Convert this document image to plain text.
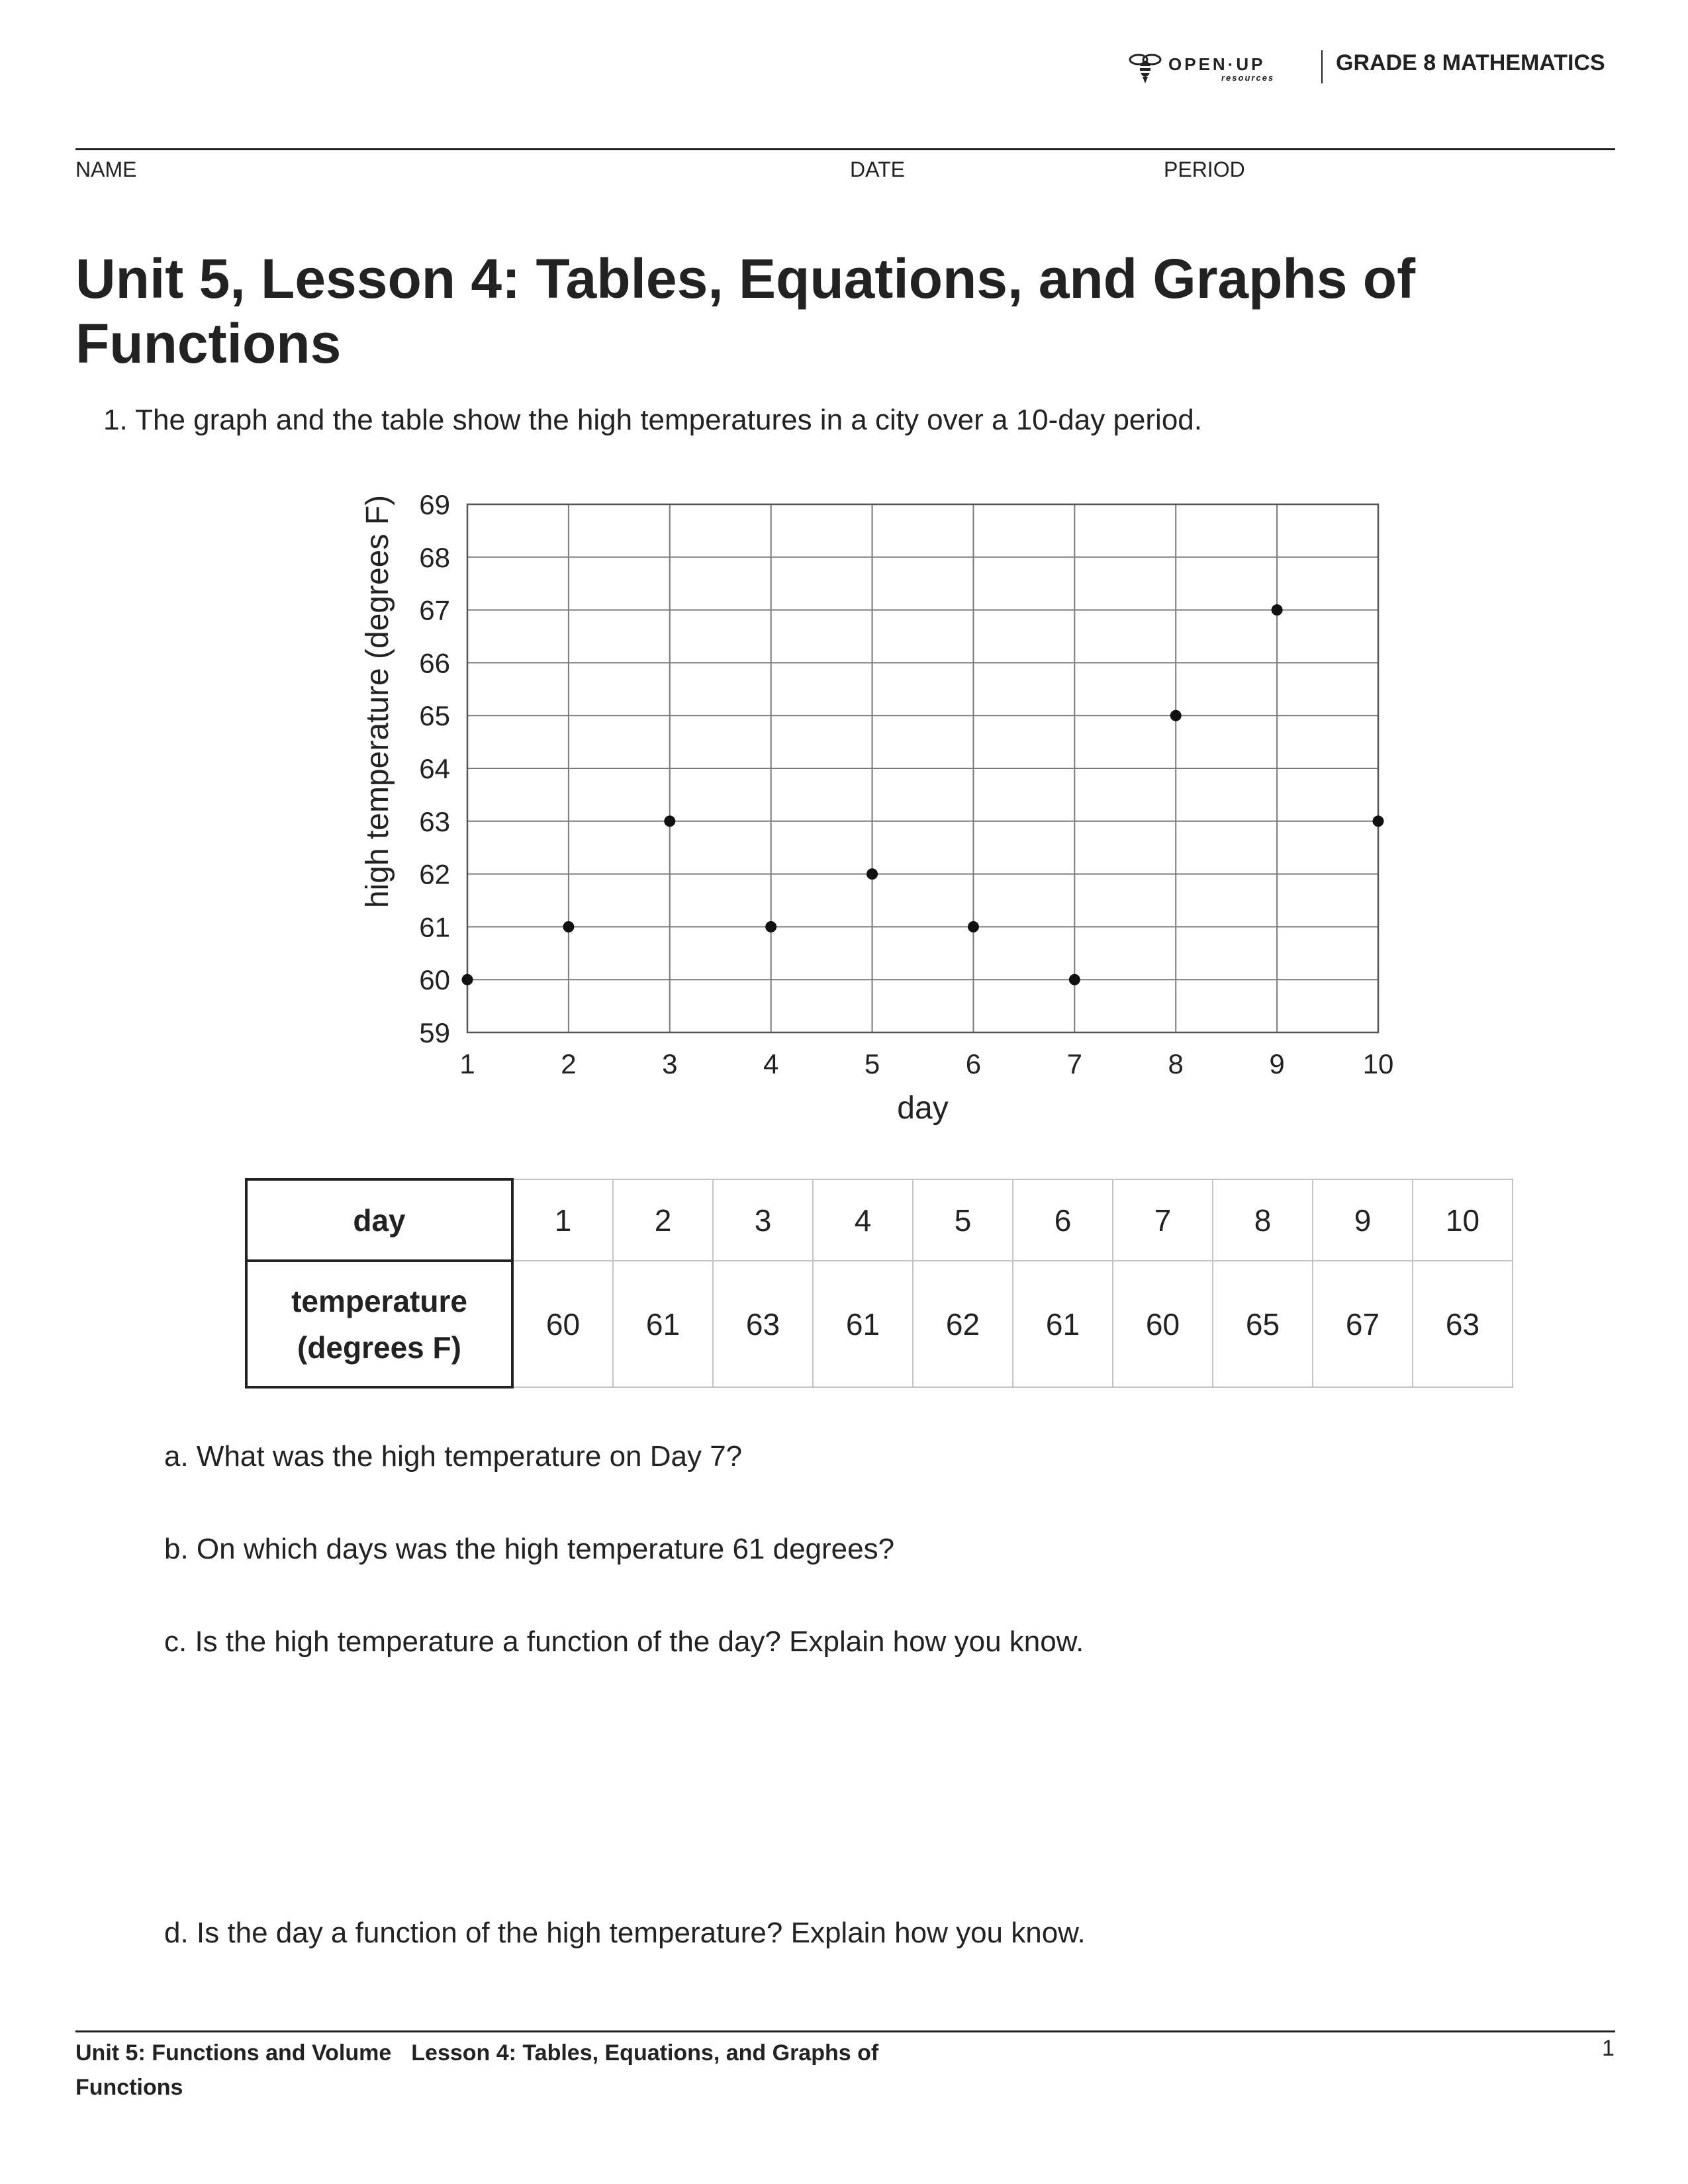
OPEN·UP
resources
GRADE 8 MATHEMATICS
NAME	DATE	PERIOD
Unit 5, Lesson 4: Tables, Equations, and Graphs of Functions
1. The graph and the table show the high temperatures in a city over a 10-day period.
1	2	3	4	5	6	7	8	9	10
59
60
61
62
63
64
65
66
67
68
69
day
high temperature (degrees F)
day	1	2	3	4	5	6	7	8	9	10
temperature
(degrees F)	60	61	63	61	62	61	60	65	67	63
a. What was the high temperature on Day 7?
b. On which days was the high temperature 61 degrees?
c. Is the high temperature a function of the day? Explain how you know.
d. Is the day a function of the high temperature? Explain how you know.
Unit 5: Functions and Volume Lesson 4: Tables, Equations, and Graphs of Functions
1
